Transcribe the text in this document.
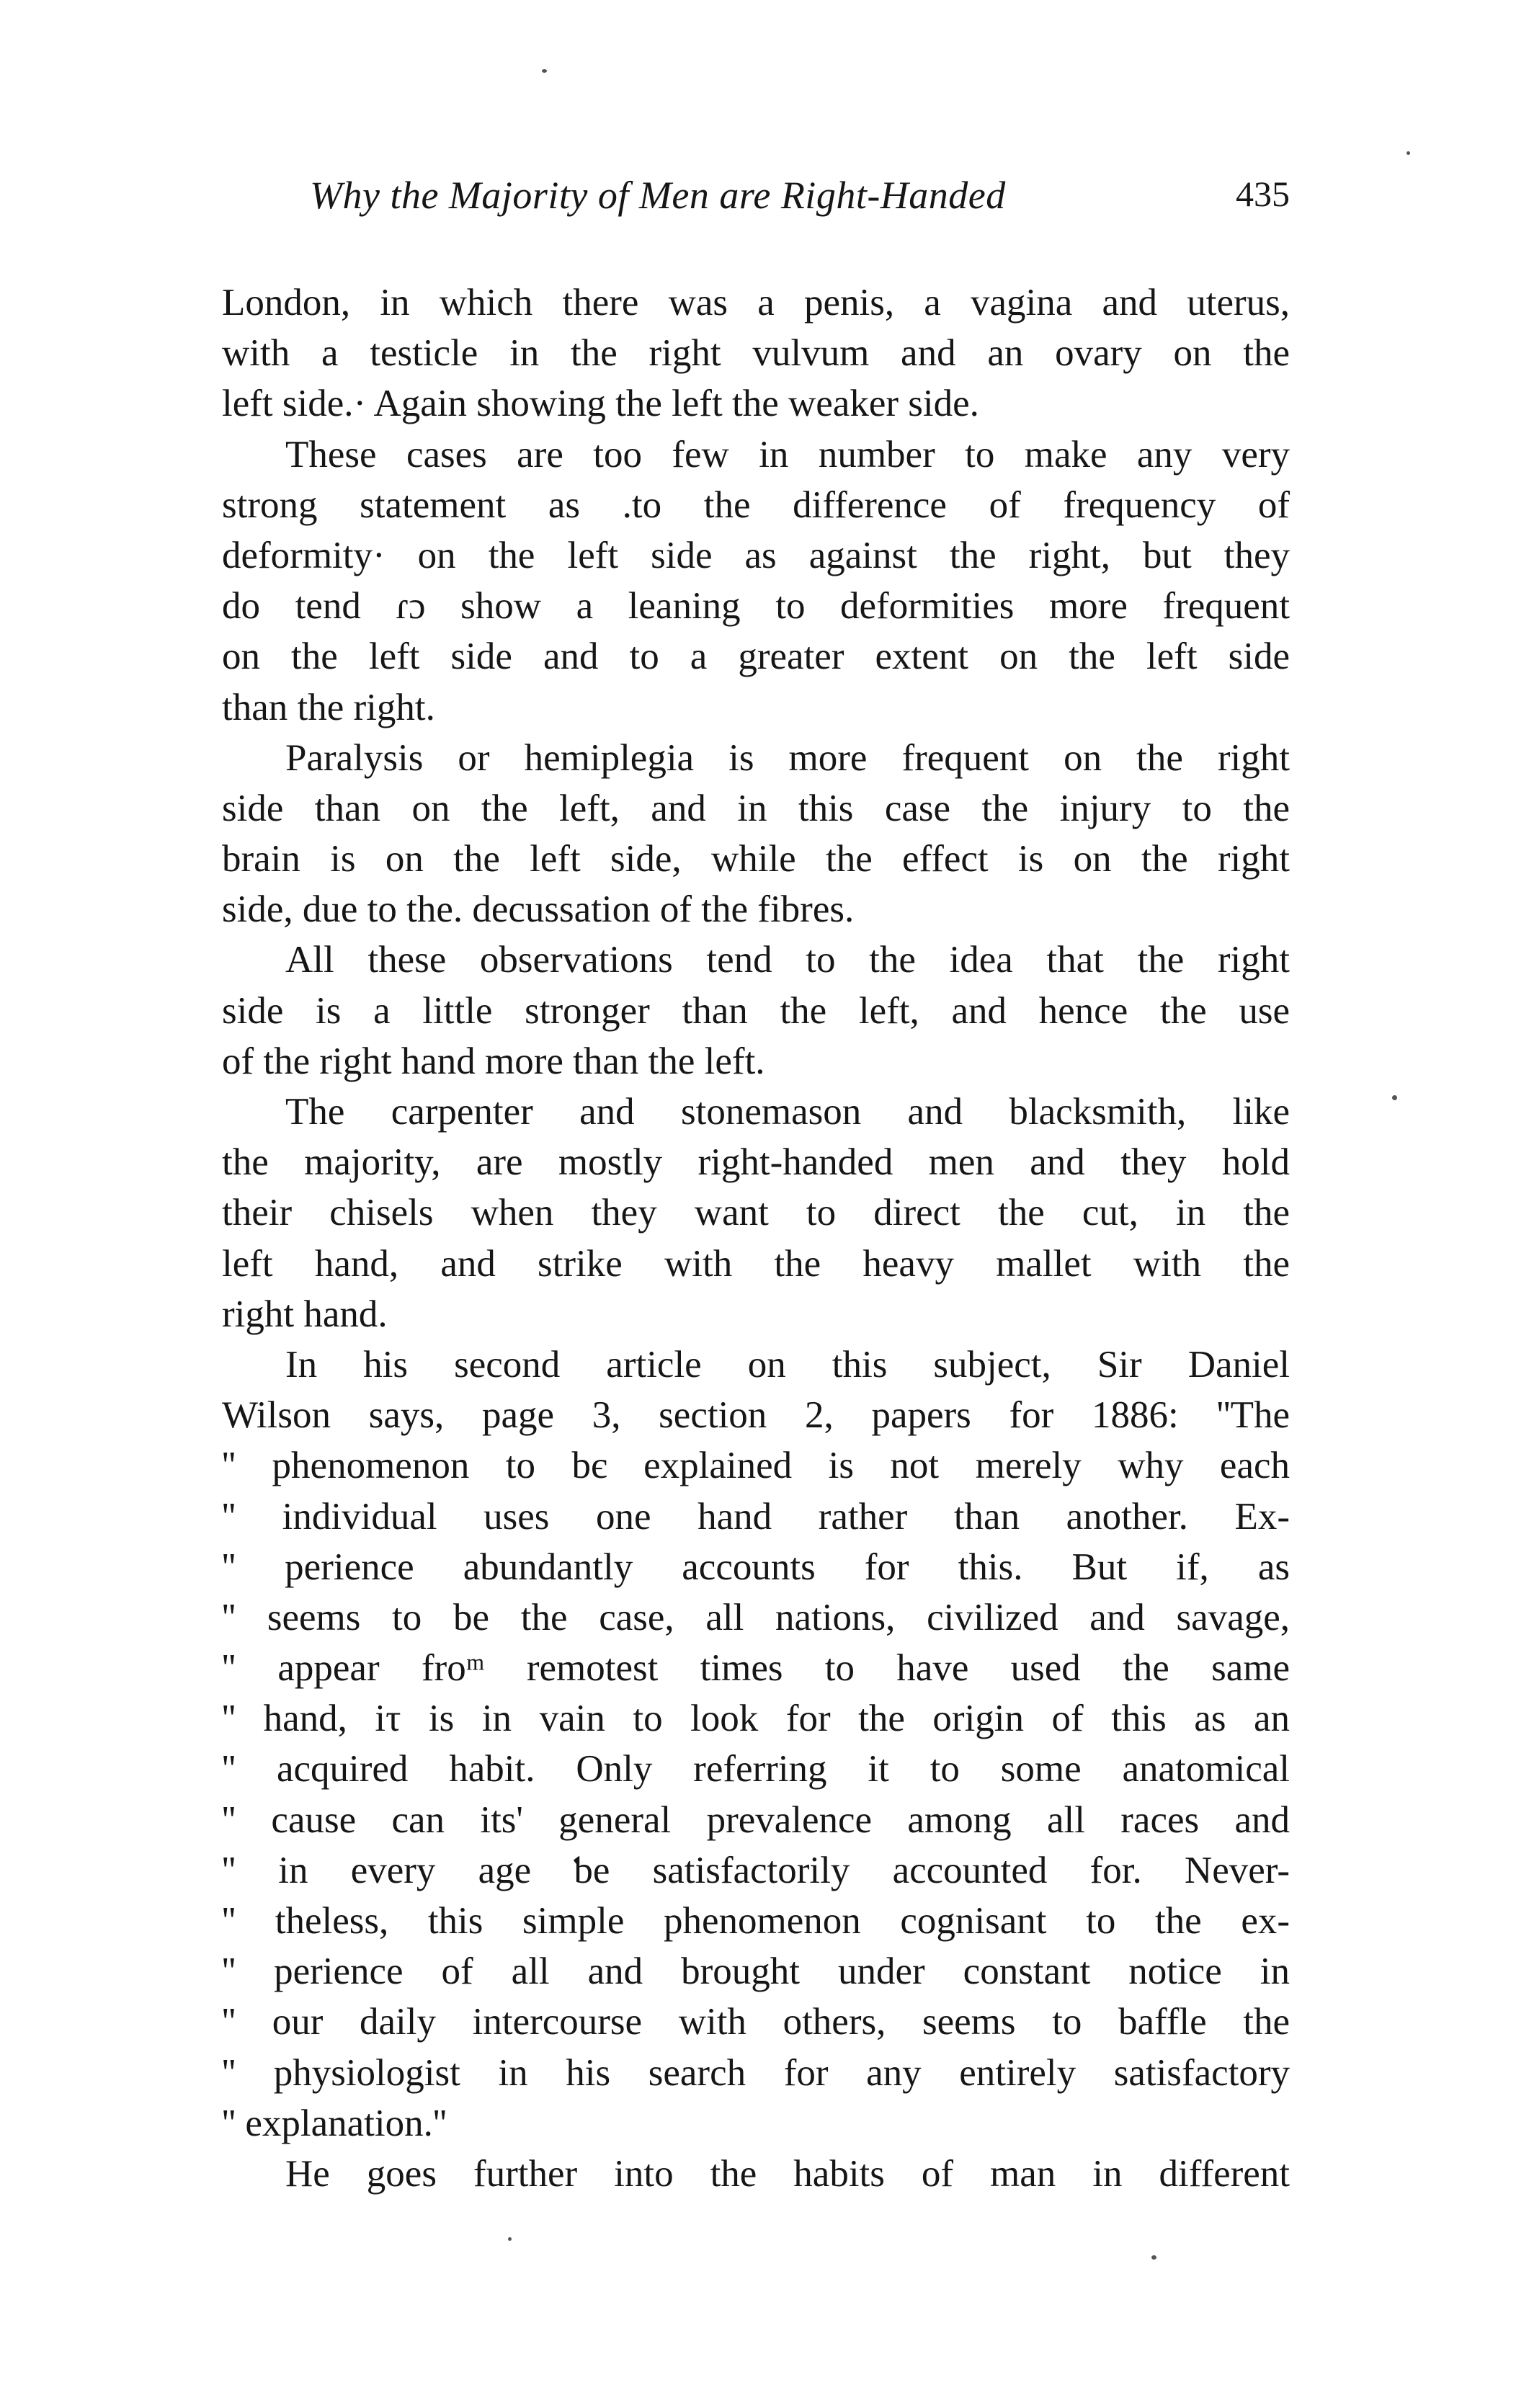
Why the Majority of Men are Right-Handed	435
London, in which there was a penis, a vagina and uterus,
with a testicle in the right vulvum and an ovary on the
left side.· Again showing the left the weaker side.
These cases are too few in number to make any very
strong statement as .to the difference of frequency of
deformity· on the left side as against the right, but they
do tend ɾɔ show a leaning to deformities more frequent
on the left side and to a greater extent on the left side
than the right.
Paralysis or hemiplegia is more frequent on the right
side than on the left, and in this case the injury to the
brain is on the left side, while the effect is on the right
side, due to the. decussation of the fibres.
All these observations tend to the idea that the right
side is a little stronger than the left, and hence the use
of the right hand more than the left.
The carpenter and stonemason and blacksmith, like
the majority, are mostly right-handed men and they hold
their chisels when they want to direct the cut, in the
left hand, and strike with the heavy mallet with the
right hand.
In his second article on this subject, Sir Daniel
Wilson says, page 3, section 2, papers for 1886: ''The
'' phenomenon to bє explained is not merely why each
'' individual uses one hand rather than another. Ex-
'' perience abundantly accounts for this. But if, as
'' seems to be the case, all nations, civilized and savage,
'' appear froᵐ remotest times to have used the same
'' hand, iτ is in vain to look for the origin of this as an
'' acquired habit. Only referring it to some anatomical
'' cause can its' general prevalence among all races and
'' in every age ƅe satisfactorily accounted for. Never-
'' theless, this simple phenomenon cognisant to the ex-
'' perience of all and brought under constant notice in
'' our daily intercourse with others, seems to baffle the
'' physiologist in his search for any entirely satisfactory
'' explanation.''
He goes further into the habits of man in different
